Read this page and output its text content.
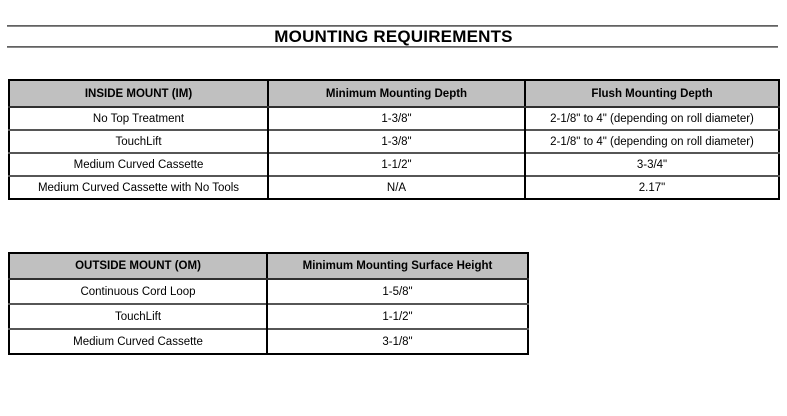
MOUNTING REQUIREMENTS
INSIDE MOUNT (IM)	Minimum Mounting Depth	Flush Mounting Depth
No Top Treatment	1-3/8"	2-1/8" to 4" (depending on roll diameter)
TouchLift	1-3/8"	2-1/8" to 4" (depending on roll diameter)
Medium Curved Cassette	1-1/2"	3-3/4"
Medium Curved Cassette with No Tools	N/A	2.17"
OUTSIDE MOUNT (OM)	Minimum Mounting Surface Height
Continuous Cord Loop	1-5/8"
TouchLift	1-1/2"
Medium Curved Cassette	3-1/8"
